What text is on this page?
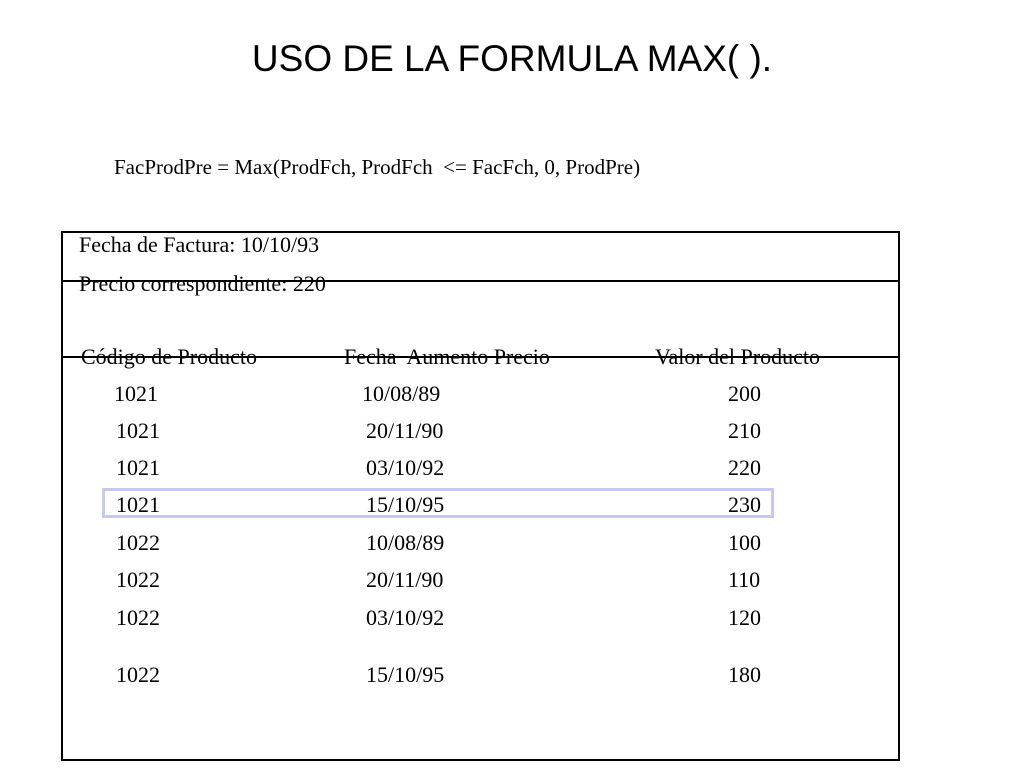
USO DE LA FORMULA MAX( ).
FacProdPre = Max(ProdFch, ProdFch  <= FacFch, 0, ProdPre)
Fecha de Factura: 10/10/93
Precio correspondiente: 220
Código de Producto	Fecha  Aumento Precio	Valor del Producto
1021	10/08/89	200
1021	20/11/90	210
1021	03/10/92	220
1021	15/10/95	230
1022	10/08/89	100
1022	20/11/90	110
1022	03/10/92	120
1022	15/10/95	180
